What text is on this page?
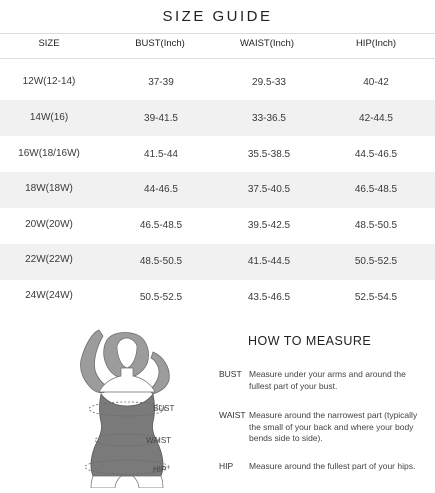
SIZE GUIDE
SIZE	BUST(Inch)	WAIST(Inch)	HIP(Inch)
12W(12-14)	37-39	29.5-33	40-42
14W(16)	39-41.5	33-36.5	42-44.5
16W(18/16W)	41.5-44	35.5-38.5	44.5-46.5
18W(18W)	44-46.5	37.5-40.5	46.5-48.5
20W(20W)	46.5-48.5	39.5-42.5	48.5-50.5
22W(22W)	48.5-50.5	41.5-44.5	50.5-52.5
24W(24W)	50.5-52.5	43.5-46.5	52.5-54.5
BUST
WAIST
HIP
HOW TO MEASURE
BUST Measure under your arms and around the fullest part of your bust.
WAIST Measure around the narrowest part (typically the small of your back and where your body bends side to side).
HIP Measure around the fullest part of your hips.
